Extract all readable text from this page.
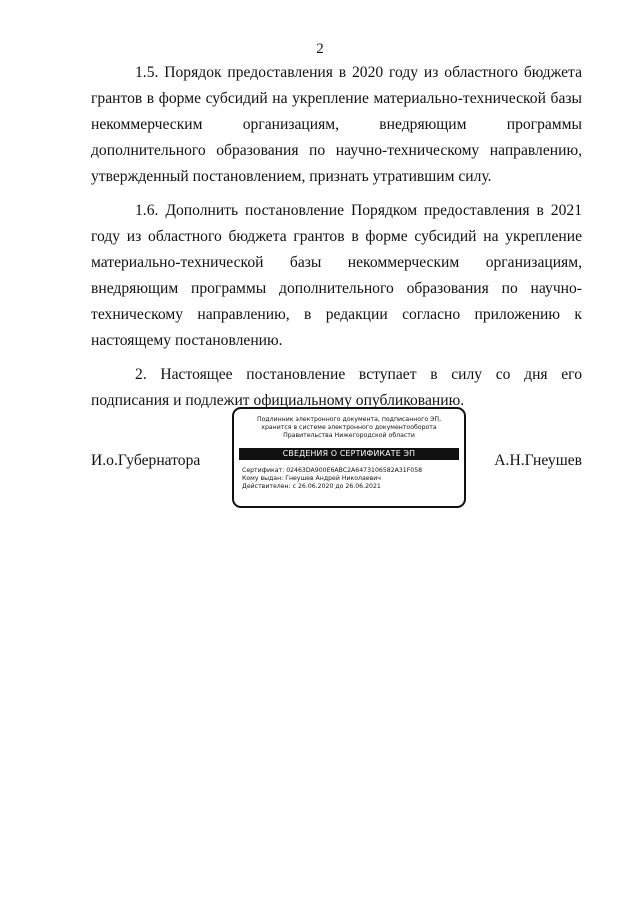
2

1.5. Порядок предоставления в 2020 году из областного бюджета грантов в форме субсидий на укрепление материально-технической базы некоммерческим организациям, внедряющим программы дополнительного образования по научно-техническому направлению, утвержденный постановлением, признать утратившим силу.

1.6. Дополнить постановление Порядком предоставления в 2021 году из областного бюджета грантов в форме субсидий на укрепление материально-технической базы некоммерческим организациям, внедряющим программы дополнительного образования по научно-техническому направлению, в редакции согласно приложению к настоящему постановлению.

2. Настоящее постановление вступает в силу со дня его подписания и подлежит официальному опубликованию.

И.о.Губернатора
Подлинник электронного документа, подписанного ЭП,
хранится в системе электронного документооборота
Правительства Нижегородской области
СВЕДЕНИЯ О СЕРТИФИКАТЕ ЭП
Сертификат: 02463DA900E6ABC2A6473106582A31F058
Кому выдан: Гнеушев Андрей Николаевич
Действителен: с 26.06.2020 до 26.06.2021
А.Н.Гнеушев
